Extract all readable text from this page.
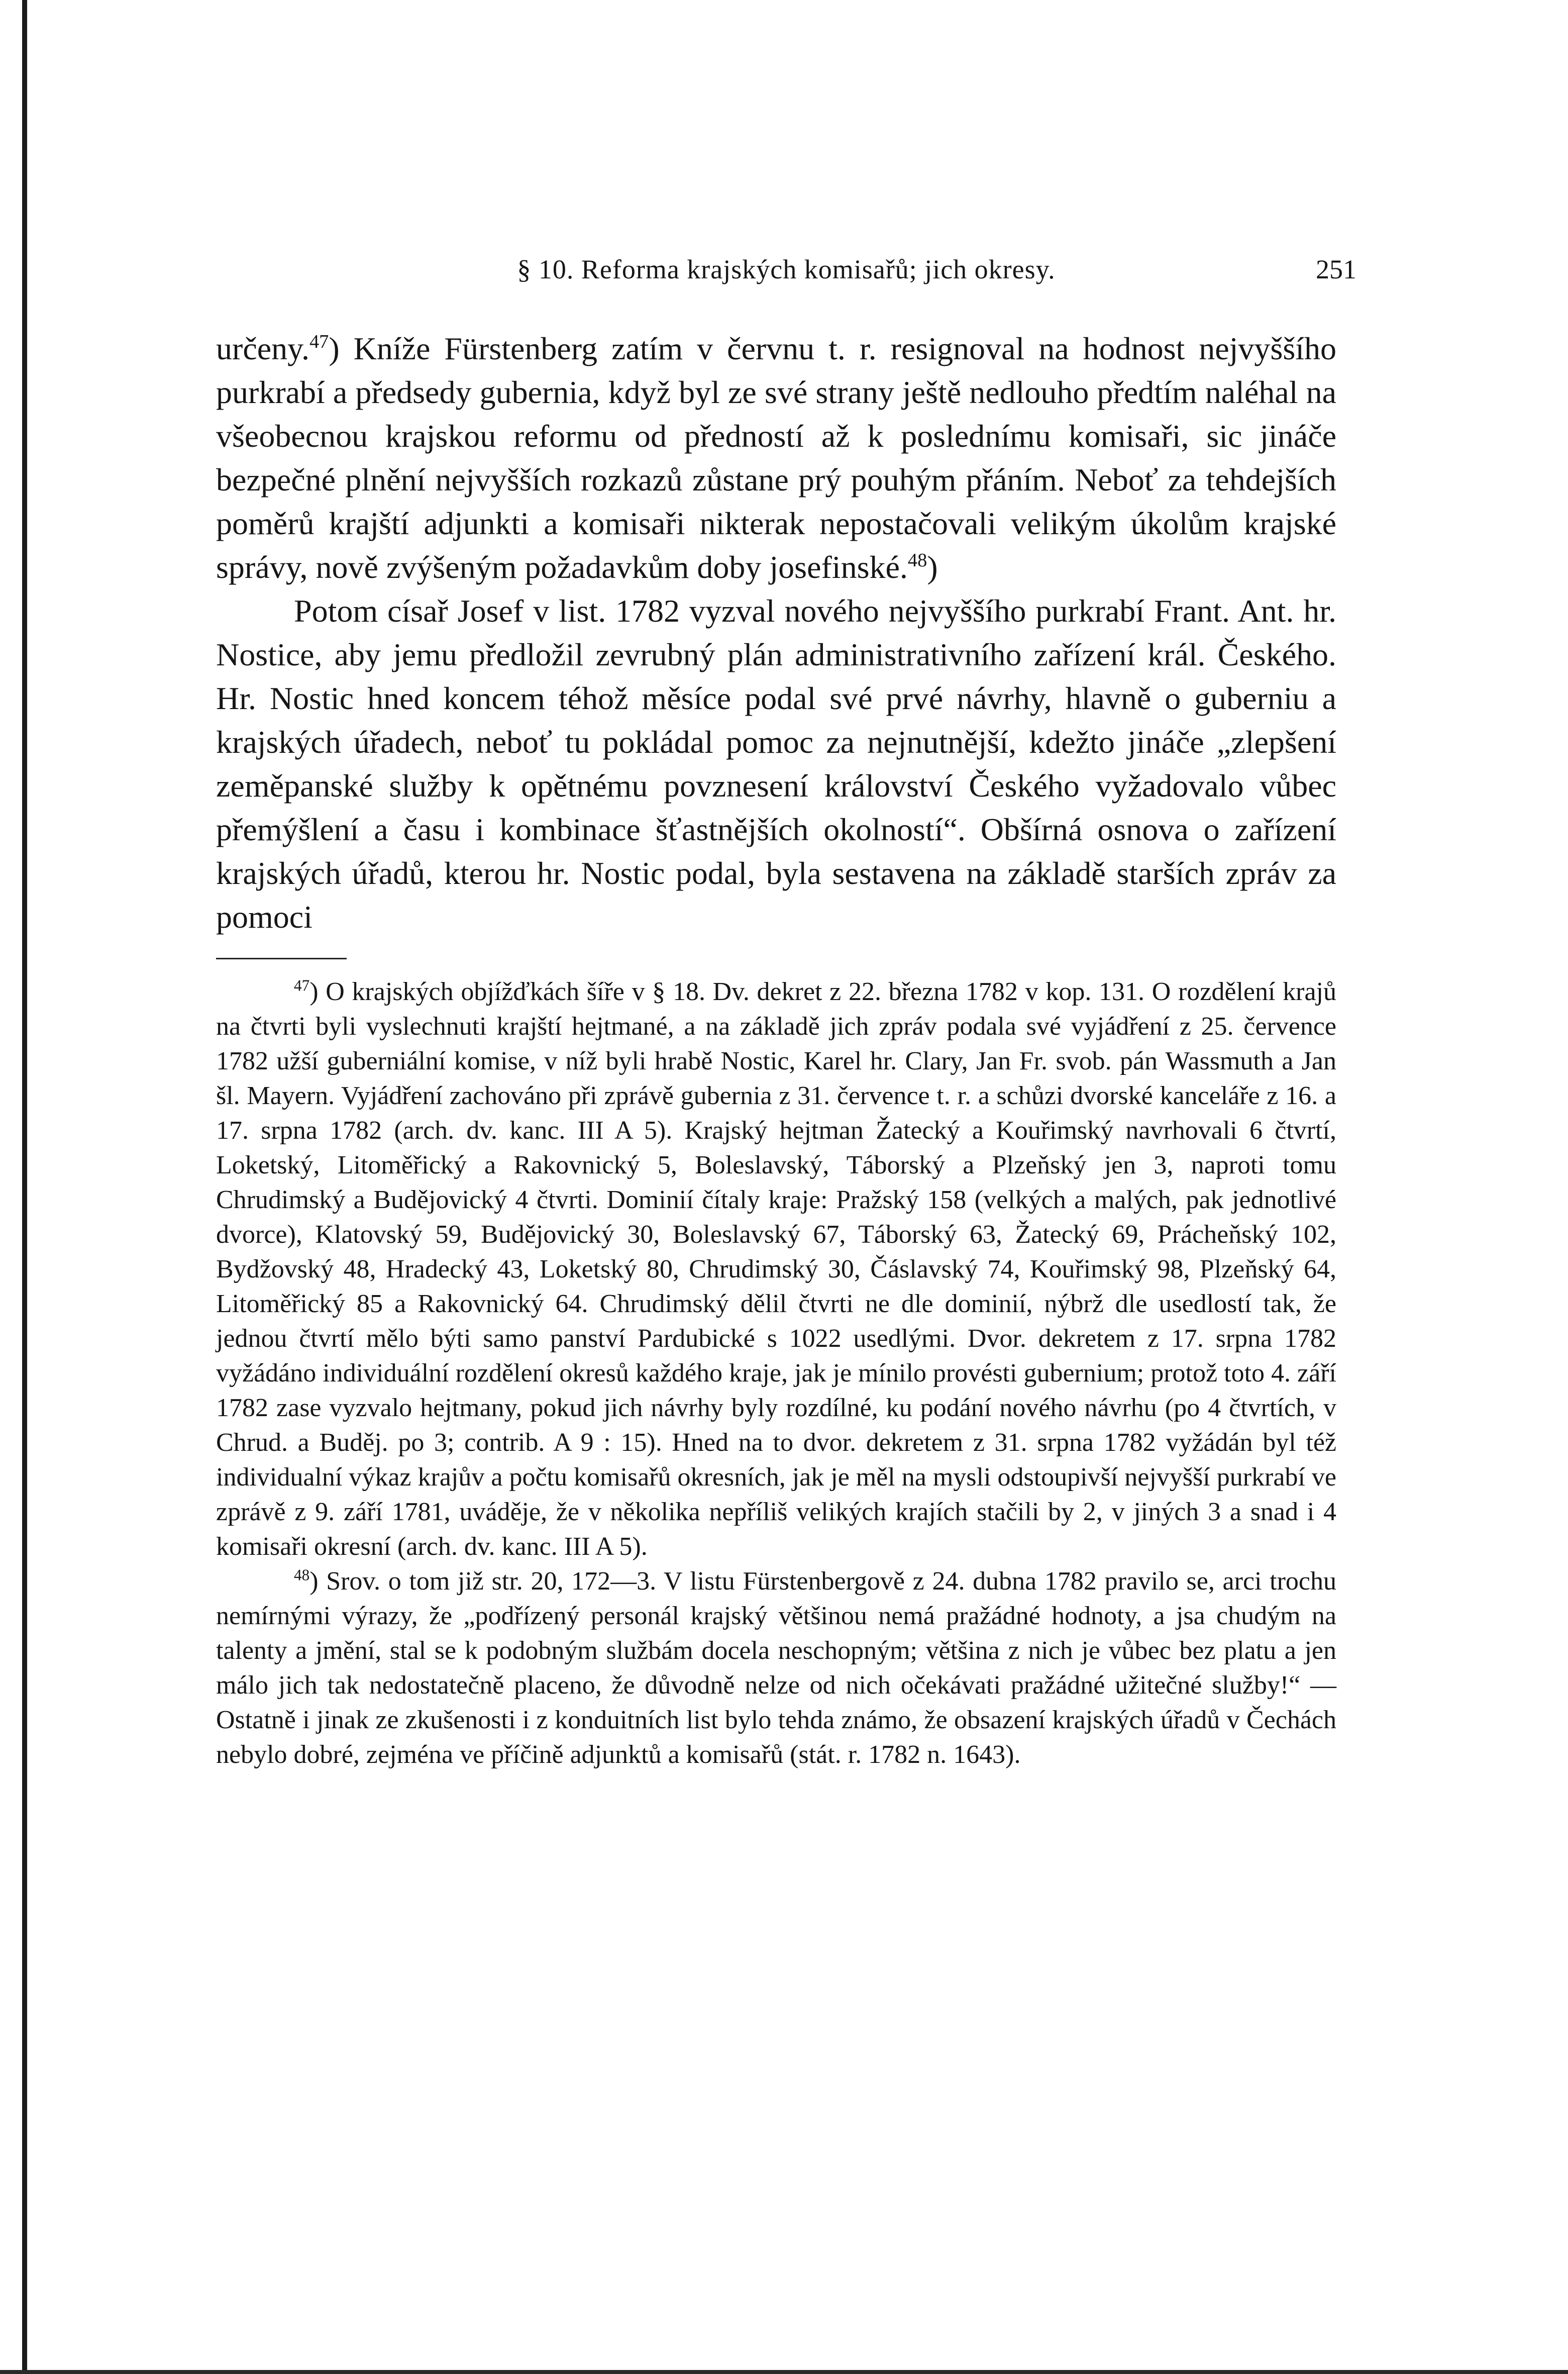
§ 10. Reforma krajských komisařů; jich okresy.	251

určeny.$^{47}$) Kníže Fürstenberg zatím v červnu t. r. resignoval na hodnost nejvyššího purkrabí a předsedy gubernia, když byl ze své strany ještě nedlouho předtím naléhal na všeobecnou krajskou reformu od předností až k poslednímu komisaři, sic jináče bezpečné plnění nejvyšších rozkazů zůstane prý pouhým přáním. Neboť za tehdejších poměrů krajští adjunkti a komisaři nikterak nepostačovali velikým úkolům krajské správy, nově zvýšeným požadavkům doby josefinské.$^{48}$)

Potom císař Josef v list. 1782 vyzval nového nejvyššího purkrabí Frant. Ant. hr. Nostice, aby jemu předložil zevrubný plán administrativního zařízení král. Českého. Hr. Nostic hned koncem téhož měsíce podal své prvé návrhy, hlavně o guberniu a krajských úřadech, neboť tu pokládal pomoc za nejnutnější, kdežto jináče „zlepšení zeměpanské služby k opětnému povznesení království Českého vyžadovalo vůbec přemýšlení a času i kombinace šťastnějších okolností“. Obšírná osnova o zařízení krajských úřadů, kterou hr. Nostic podal, byla sestavena na základě starších zpráv za pomoci

$^{47}$) O krajských objížďkách šíře v § 18. Dv. dekret z 22. března 1782 v kop. 131. O rozdělení krajů na čtvrti byli vyslechnuti krajští hejtmané, a na základě jich zpráv podala své vyjádření z 25. července 1782 užší guberniální komise, v níž byli hrabě Nostic, Karel hr. Clary, Jan Fr. svob. pán Wassmuth a Jan šl. Mayern. Vyjádření zachováno při zprávě gubernia z 31. července t. r. a schůzi dvorské kanceláře z 16. a 17. srpna 1782 (arch. dv. kanc. III A 5). Krajský hejtman Žatecký a Kouřimský navrhovali 6 čtvrtí, Loketský, Litoměřický a Rakovnický 5, Boleslavský, Táborský a Plzeňský jen 3, naproti tomu Chrudimský a Budějovický 4 čtvrti. Dominií čítaly kraje: Pražský 158 (velkých a malých, pak jednotlivé dvorce), Klatovský 59, Budějovický 30, Boleslavský 67, Táborský 63, Žatecký 69, Prácheňský 102, Bydžovský 48, Hradecký 43, Loketský 80, Chrudimský 30, Čáslavský 74, Kouřimský 98, Plzeňský 64, Litoměřický 85 a Rakovnický 64. Chrudimský dělil čtvrti ne dle dominií, nýbrž dle usedlostí tak, že jednou čtvrtí mělo býti samo panství Pardubické s 1022 usedlými. Dvor. dekretem z 17. srpna 1782 vyžádáno individuální rozdělení okresů každého kraje, jak je mínilo provésti gubernium; protož toto 4. září 1782 zase vyzvalo hejtmany, pokud jich návrhy byly rozdílné, ku podání nového návrhu (po 4 čtvrtích, v Chrud. a Buděj. po 3; contrib. A 9 : 15). Hned na to dvor. dekretem z 31. srpna 1782 vyžádán byl též individualní výkaz krajův a počtu komisařů okresních, jak je měl na mysli odstoupivší nejvyšší purkrabí ve zprávě z 9. září 1781, uváděje, že v několika nepříliš velikých krajích stačili by 2, v jiných 3 a snad i 4 komisaři okresní (arch. dv. kanc. III A 5).

$^{48}$) Srov. o tom již str. 20, 172—3. V listu Fürstenbergově z 24. dubna 1782 pravilo se, arci trochu nemírnými výrazy, že „podřízený personál krajský většinou nemá pražádné hodnoty, a jsa chudým na talenty a jmění, stal se k podobným službám docela neschopným; většina z nich je vůbec bez platu a jen málo jich tak nedostatečně placeno, že důvodně nelze od nich očekávati pražádné užitečné služby!“ — Ostatně i jinak ze zkušenosti i z konduitních list bylo tehda známo, že obsazení krajských úřadů v Čechách nebylo dobré, zejména ve příčině adjunktů a komisařů (stát. r. 1782 n. 1643).
